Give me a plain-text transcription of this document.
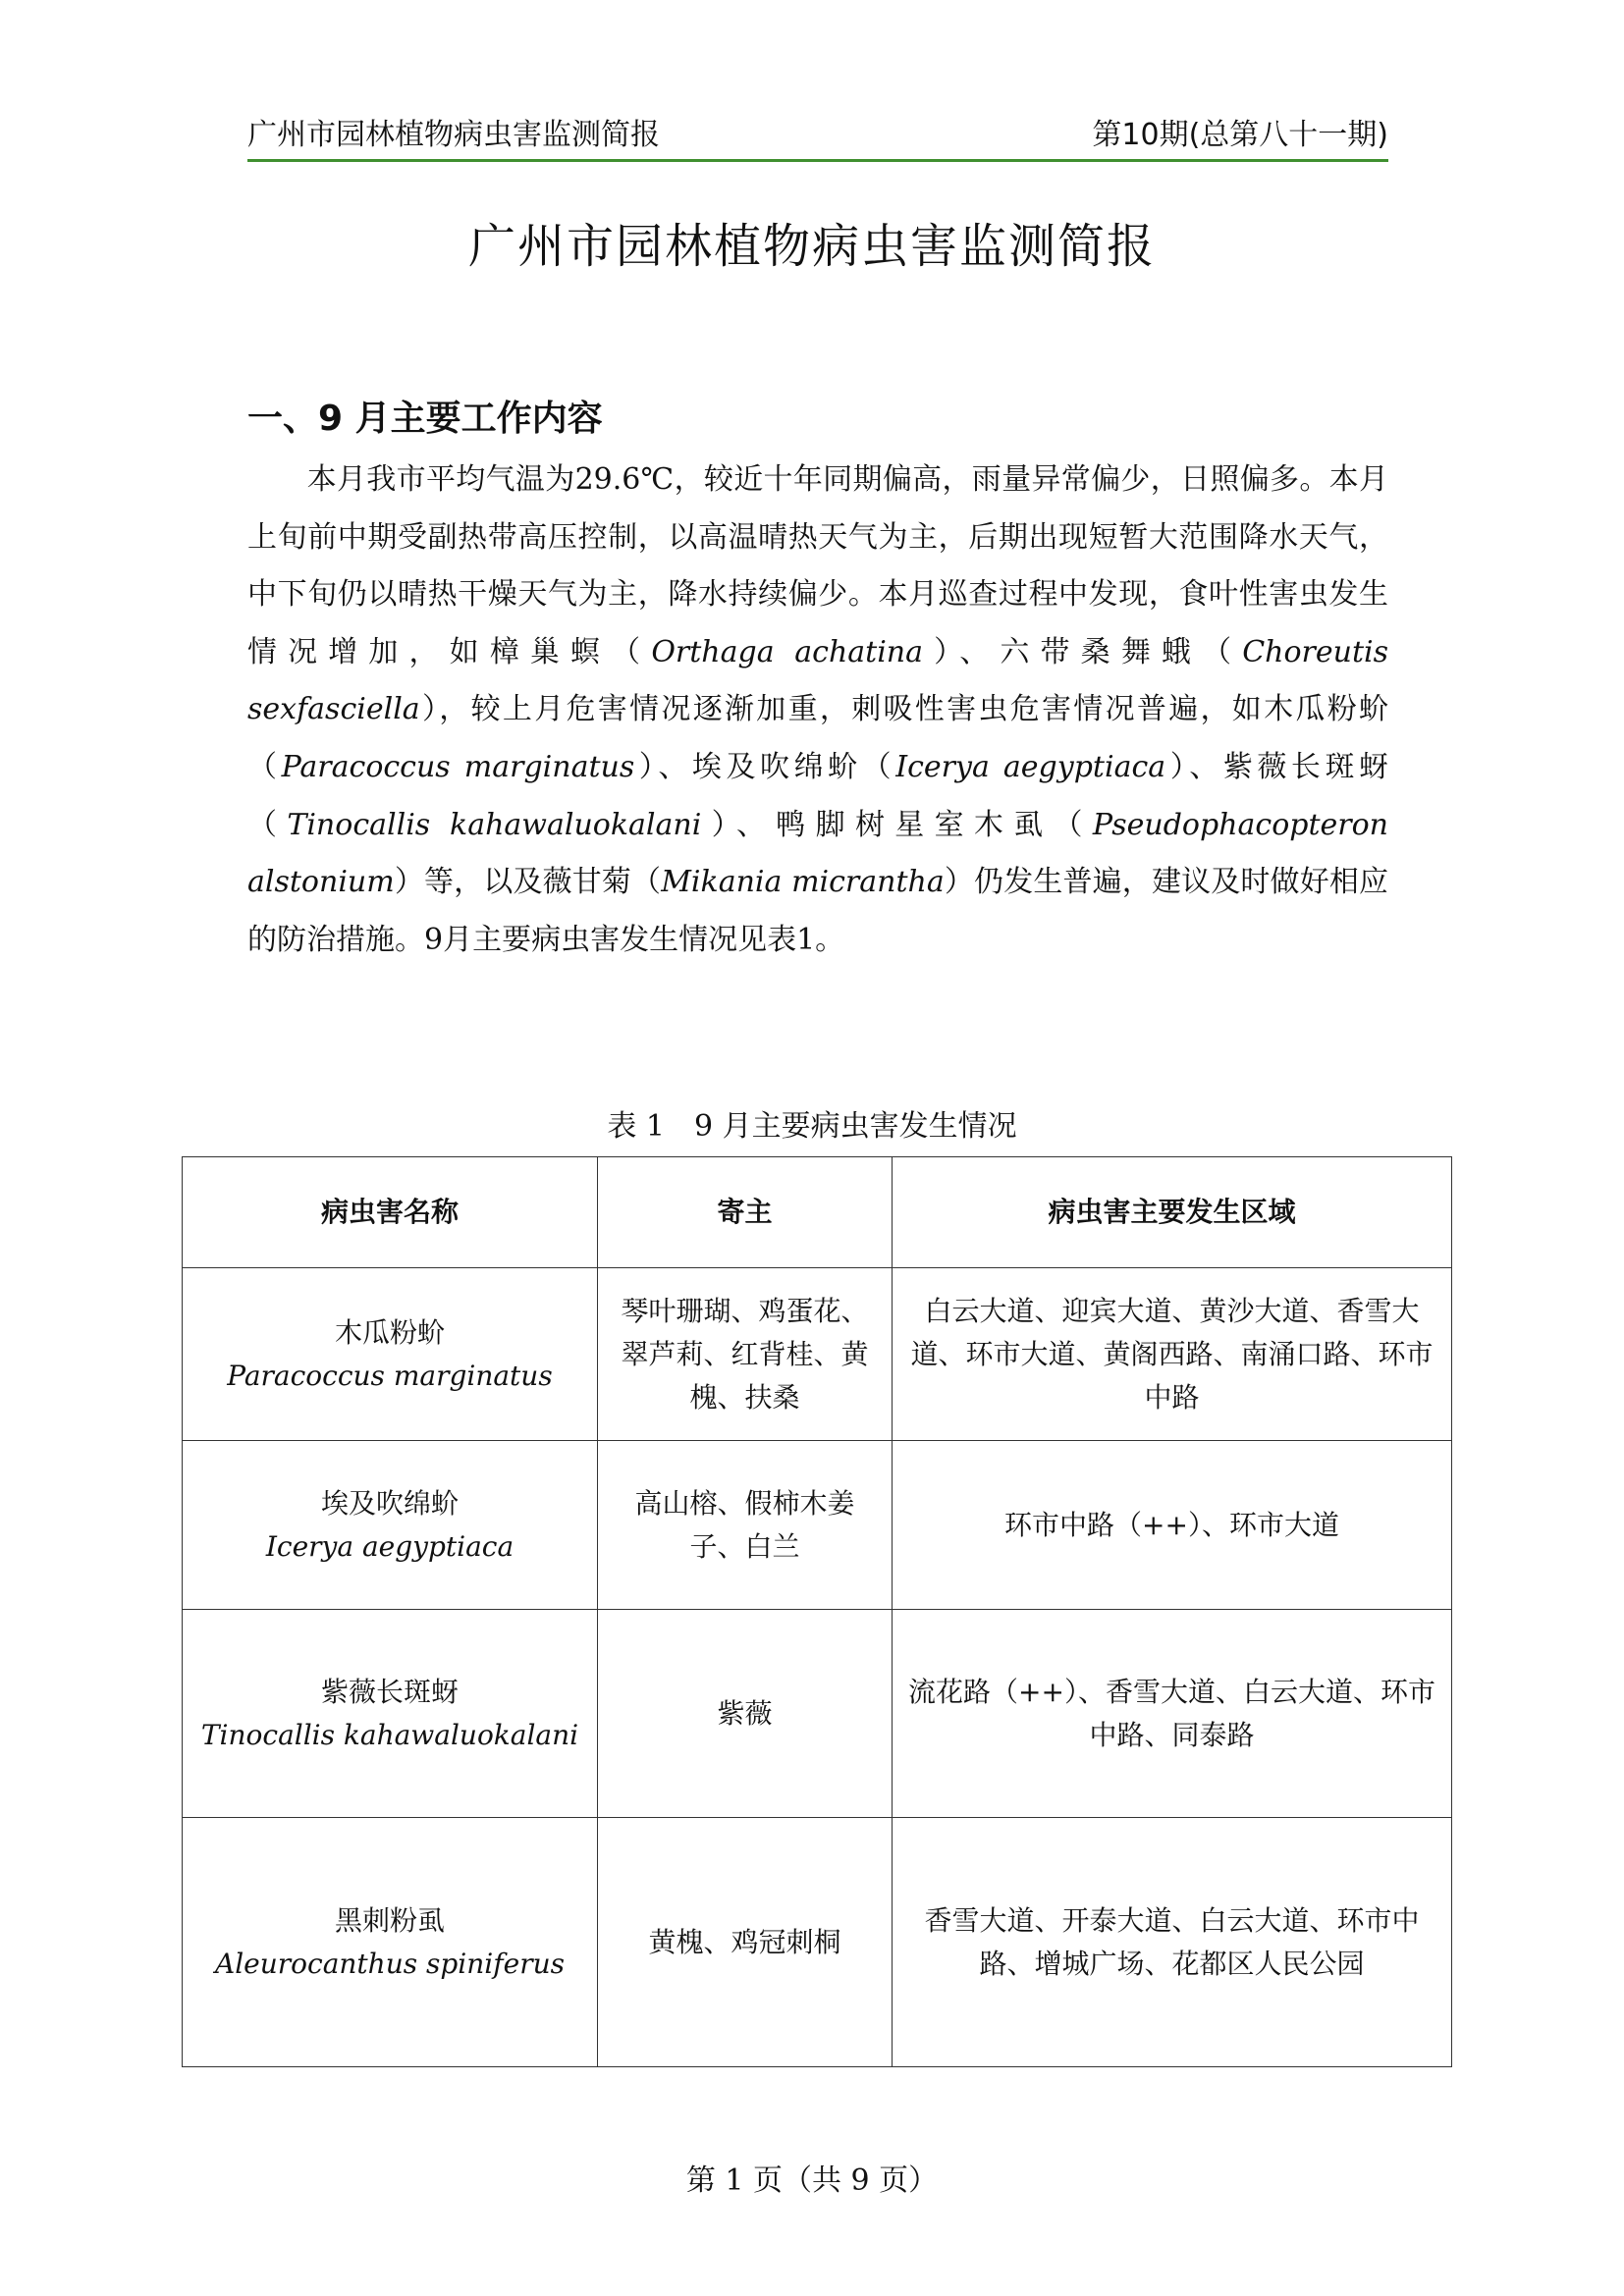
广州市园林植物病虫害监测简报	第10期(总第八十一期)
广州市园林植物病虫害监测简报
一、9 月主要工作内容

　　本月我市平均气温为29.6℃，较近十年同期偏高，雨量异常偏少，日照偏多。本月上旬前中期受副热带高压控制，以高温晴热天气为主，后期出现短暂大范围降水天气，中下旬仍以晴热干燥天气为主，降水持续偏少。本月巡查过程中发现，食叶性害虫发生情况增加，如樟巢螟（Orthaga achatina）、六带桑舞蛾（Choreutis sexfasciella），较上月危害情况逐渐加重，刺吸性害虫危害情况普遍，如木瓜粉蚧（Paracoccus marginatus）、埃及吹绵蚧（Icerya aegyptiaca）、紫薇长斑蚜（Tinocallis kahawaluokalani）、鸭脚树星室木虱（Pseudophacopteron alstonium）等，以及薇甘菊（Mikania micrantha）仍发生普遍，建议及时做好相应的防治措施。9月主要病虫害发生情况见表1。

表 1　9 月主要病虫害发生情况
病虫害名称	寄主	病虫害主要发生区域

木瓜粉蚧
Paracoccus marginatus	琴叶珊瑚、鸡蛋花、翠芦莉、红背桂、黄槐、扶桑	白云大道、迎宾大道、黄沙大道、香雪大道、环市大道、黄阁西路、南涌口路、环市中路

埃及吹绵蚧
Icerya aegyptiaca	高山榕、假柿木姜子、白兰	环市中路（++）、环市大道

紫薇长斑蚜
Tinocallis kahawaluokalani	紫薇	流花路（++）、香雪大道、白云大道、环市中路、同泰路

黑刺粉虱
Aleurocanthus spiniferus	黄槐、鸡冠刺桐	香雪大道、开泰大道、白云大道、环市中路、增城广场、花都区人民公园
第 1 页（共 9 页）
